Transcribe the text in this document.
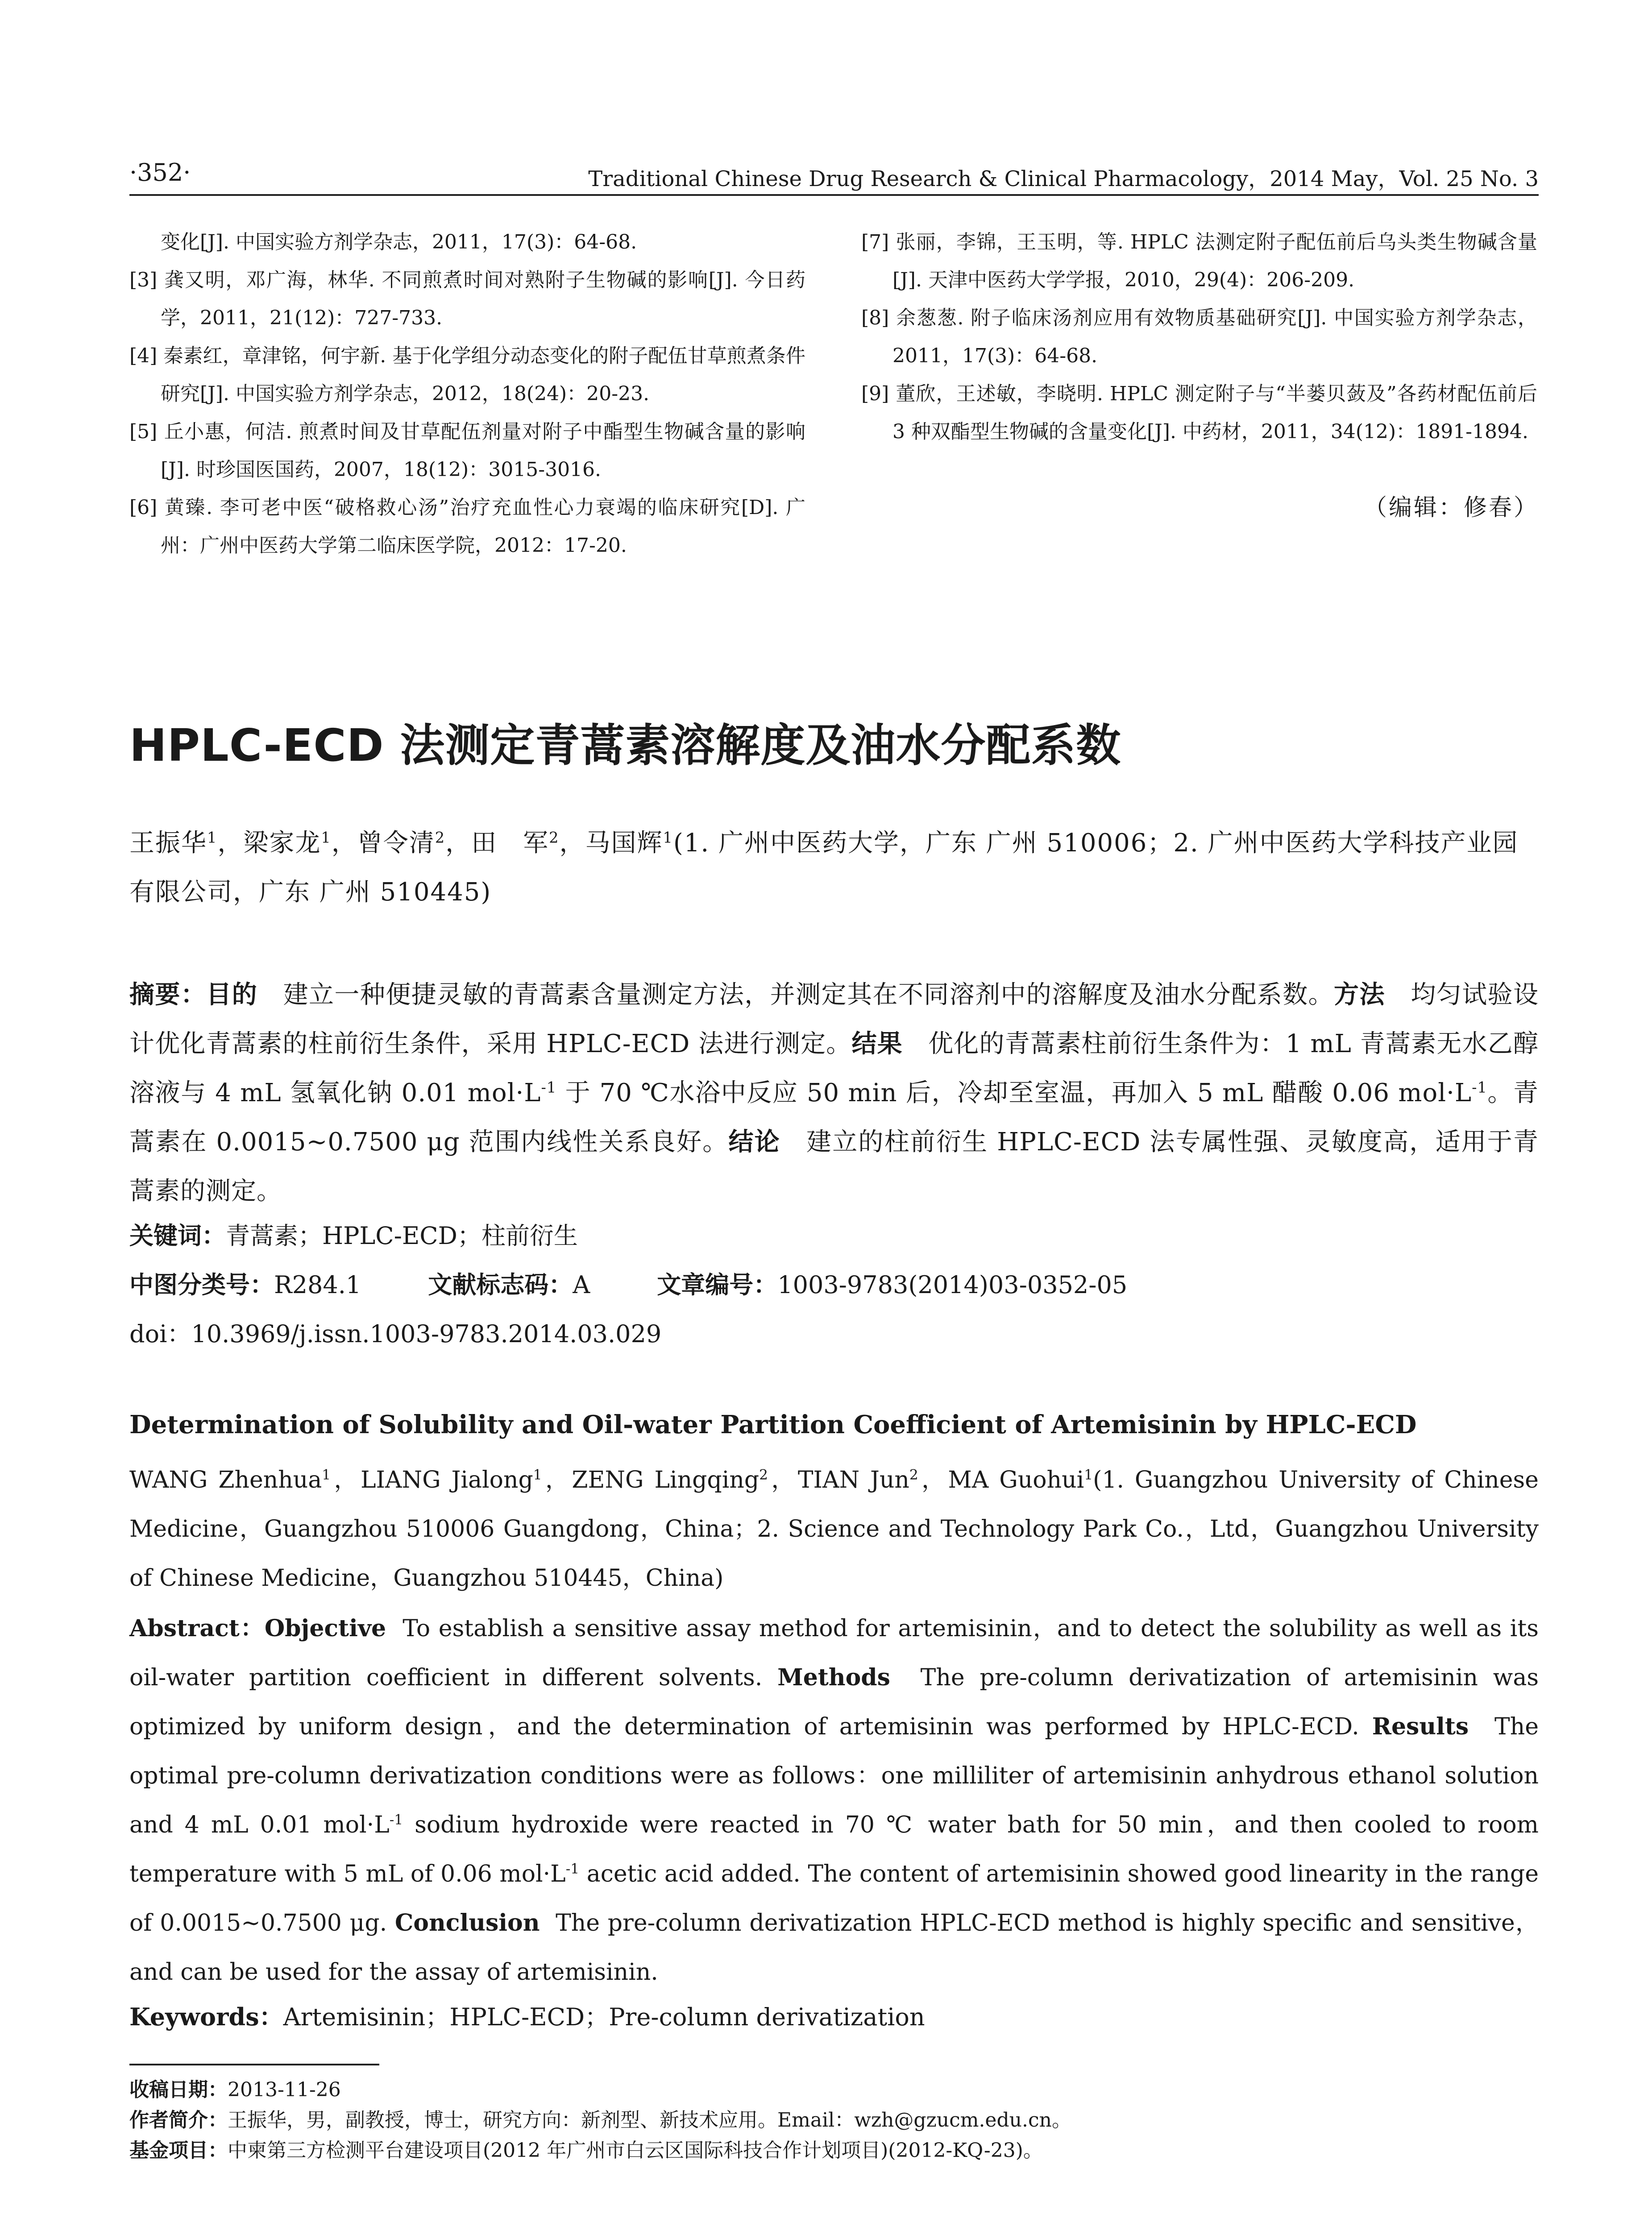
·352·	Traditional Chinese Drug Research & Clinical Pharmacology，2014 May，Vol. 25 No. 3
变化[J]. 中国实验方剂学杂志，2011，17(3)：64-68.
[3] 龚又明，邓广海，林华. 不同煎煮时间对熟附子生物碱的影响[J]. 今日药学，2011，21(12)：727-733.
[4] 秦素红，章津铭，何宇新. 基于化学组分动态变化的附子配伍甘草煎煮条件研究[J]. 中国实验方剂学杂志，2012，18(24)：20-23.
[5] 丘小惠，何洁. 煎煮时间及甘草配伍剂量对附子中酯型生物碱含量的影响[J]. 时珍国医国药，2007，18(12)：3015-3016.
[6] 黄臻. 李可老中医“破格救心汤”治疗充血性心力衰竭的临床研究[D]. 广州：广州中医药大学第二临床医学院，2012：17-20.
[7] 张丽，李锦，王玉明，等. HPLC 法测定附子配伍前后乌头类生物碱含量[J]. 天津中医药大学学报，2010，29(4)：206-209.
[8] 余葱葱. 附子临床汤剂应用有效物质基础研究[J]. 中国实验方剂学杂志，2011，17(3)：64-68.
[9] 董欣，王述敏，李晓明. HPLC 测定附子与“半蒌贝蔹及”各药材配伍前后 3 种双酯型生物碱的含量变化[J]. 中药材，2011，34(12)：1891-1894.
（编辑：修春）
HPLC-ECD 法测定青蒿素溶解度及油水分配系数
王振华$^1$，梁家龙$^1$，曾令清$^2$，田　军$^2$，马国辉$^1$(1. 广州中医药大学，广东 广州 510006；2. 广州中医药大学科技产业园有限公司，广东 广州 510445)
摘要：目的　 建立一种便捷灵敏的青蒿素含量测定方法，并测定其在不同溶剂中的溶解度及油水分配系数。方法　 均匀试验设计优化青蒿素的柱前衍生条件，采用 HPLC-ECD 法进行测定。结果　 优化的青蒿素柱前衍生条件为：1 mL 青蒿素无水乙醇溶液与 4 mL 氢氧化钠 0.01 $mol\cdot L^{-1}$ 于 70 ℃水浴中反应 50 min 后，冷却至室温，再加入 5 mL 醋酸 0.06 $mol\cdot L^{-1}$。青蒿素在 0.0015~0.7500 μg 范围内线性关系良好。结论　 建立的柱前衍生 HPLC-ECD 法专属性强、灵敏度高，适用于青蒿素的测定。
关键词：青蒿素；HPLC-ECD；柱前衍生
中图分类号：R284.1	文献标志码：A	文章编号：1003-9783(2014)03-0352-05
doi：10.3969/j.issn.1003-9783.2014.03.029
Determination of Solubility and Oil-water Partition Coefficient of Artemisinin by HPLC-ECD
WANG Zhenhua$^1$，LIANG Jialong$^1$，ZENG Lingqing$^2$，TIAN Jun$^2$，MA Guohui$^1$(1. Guangzhou University of Chinese Medicine，Guangzhou 510006 Guangdong，China；2. Science and Technology Park Co.，Ltd，Guangzhou University of Chinese Medicine，Guangzhou 510445，China)
Abstract：Objective To establish a sensitive assay method for artemisinin，and to detect the solubility as well as its oil-water partition coefficient in different solvents. Methods The pre-column derivatization of artemisinin was optimized by uniform design，and the determination of artemisinin was performed by HPLC-ECD. Results The optimal pre-column derivatization conditions were as follows：one milliliter of artemisinin anhydrous ethanol solution and 4 mL 0.01 $mol\cdot L^{-1}$ sodium hydroxide were reacted in 70 ℃ water bath for 50 min，and then cooled to room temperature with 5 mL of 0.06 $mol\cdot L^{-1}$ acetic acid added. The content of artemisinin showed good linearity in the range of 0.0015~0.7500 μg. Conclusion The pre-column derivatization HPLC-ECD method is highly specific and sensitive，and can be used for the assay of artemisinin.
Keywords：Artemisinin；HPLC-ECD；Pre-column derivatization
收稿日期：2013-11-26
作者简介：王振华，男，副教授，博士，研究方向：新剂型、新技术应用。Email：wzh@gzucm.edu.cn。
基金项目：中柬第三方检测平台建设项目(2012 年广州市白云区国际科技合作计划项目)(2012-KQ-23)。
